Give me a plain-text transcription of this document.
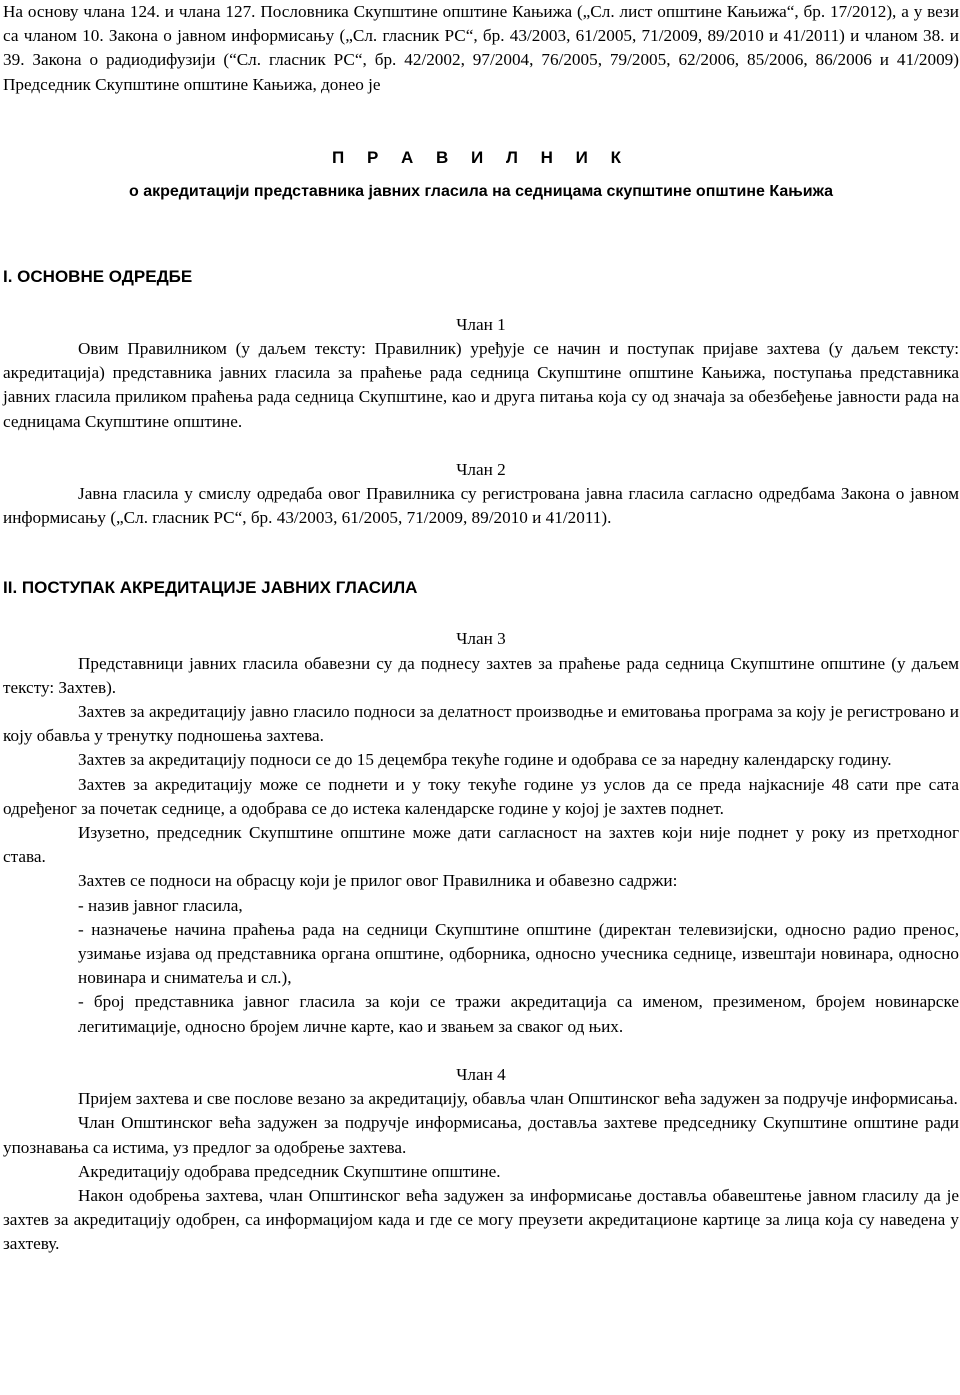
На основу члана 124. и члана 127. Пословника Скупштине општине Кањижа („Сл. лист општине Кањижа“, бр. 17/2012), а у вези са чланом 10. Закона о јавном информисању („Сл. гласник РС“, бр. 43/2003, 61/2005, 71/2009, 89/2010 и 41/2011) и чланом 38. и 39. Закона о радиодифузији (“Сл. гласник РС“, бр. 42/2002, 97/2004, 76/2005, 79/2005, 62/2006, 85/2006, 86/2006 и 41/2009) Председник Скупштине општине Кањижа, донео је

П Р А В И Л Н И К
о акредитацији представника јавних гласила на седницама скупштине општине Кањижа
I. ОСНОВНЕ ОДРЕДБЕ
Члан 1

Овим Правилником (у даљем тексту: Правилник) уређује се начин и поступак пријаве захтева (у даљем тексту: акредитација) представника јавних гласила за праћење рада седница Скупштине општине Кањижа, поступања представника јавних гласила приликом праћења рада седница Скупштине, као и друга питања која су од значаја за обезбеђење јавности рада на седницама Скупштине општине.

Члан 2

Јавна гласила у смислу одредаба овог Правилника су регистрована јавна гласила сагласно одредбама Закона о јавном информисању („Сл. гласник РС“, бр. 43/2003, 61/2005, 71/2009, 89/2010 и 41/2011).

II. ПОСТУПАК АКРЕДИТАЦИЈЕ ЈАВНИХ ГЛАСИЛА
Члан 3

Представници јавних гласила обавезни су да поднесу захтев за праћење рада седница Скупштине општине (у даљем тексту: Захтев).

Захтев за акредитацију јавно гласило подноси за делатност производње и емитовања програма за коју је регистровано и коју обавља у тренутку подношења захтева.

Захтев за акредитацију подноси се до 15 децембра текуће године и одобрава се за наредну календарску годину.

Захтев за акредитацију може се поднети и у току текуће године уз услов да се преда најкасније 48 сати пре сата одређеног за почетак седнице, а одобрава се до истека календарске године у којој је захтев поднет.

Изузетно, председник Скупштине општине може дати сагласност на захтев који није поднет у року из претходног става.

Захтев се подноси на обрасцу који је прилог овог Правилника и обавезно садржи:

- назив јавног гласила,

- назначење начина праћења рада на седници Скупштине општине (директан телевизијски, односно радио пренос, узимање изјава од представника органа општине, одборника, односно учесника седнице, извештаји новинара, односно новинара и сниматеља и сл.),

- број представника јавног гласила за који се тражи акредитација са именом, презименом, бројем новинарске легитимације, односно бројем личне карте, као и звањем за сваког од њих.

Члан 4

Пријем захтева и све послове везано за акредитацију, обавља члан Општинског већа задужен за подручје информисања.

Члан Општинског већа задужен за подручје информисања, доставља захтеве председнику Скупштине општине ради упознавања са истима, уз предлог за одобрење захтева.

Акредитацију одобрава председник Скупштине општине.

Након одобрења захтева, члан Општинског већа задужен за информисање доставља обавештење јавном гласилу да је захтев за акредитацију одобрен, са информацијом када и где се могу преузети акредитационе картице за лица која су наведена у захтеву.
